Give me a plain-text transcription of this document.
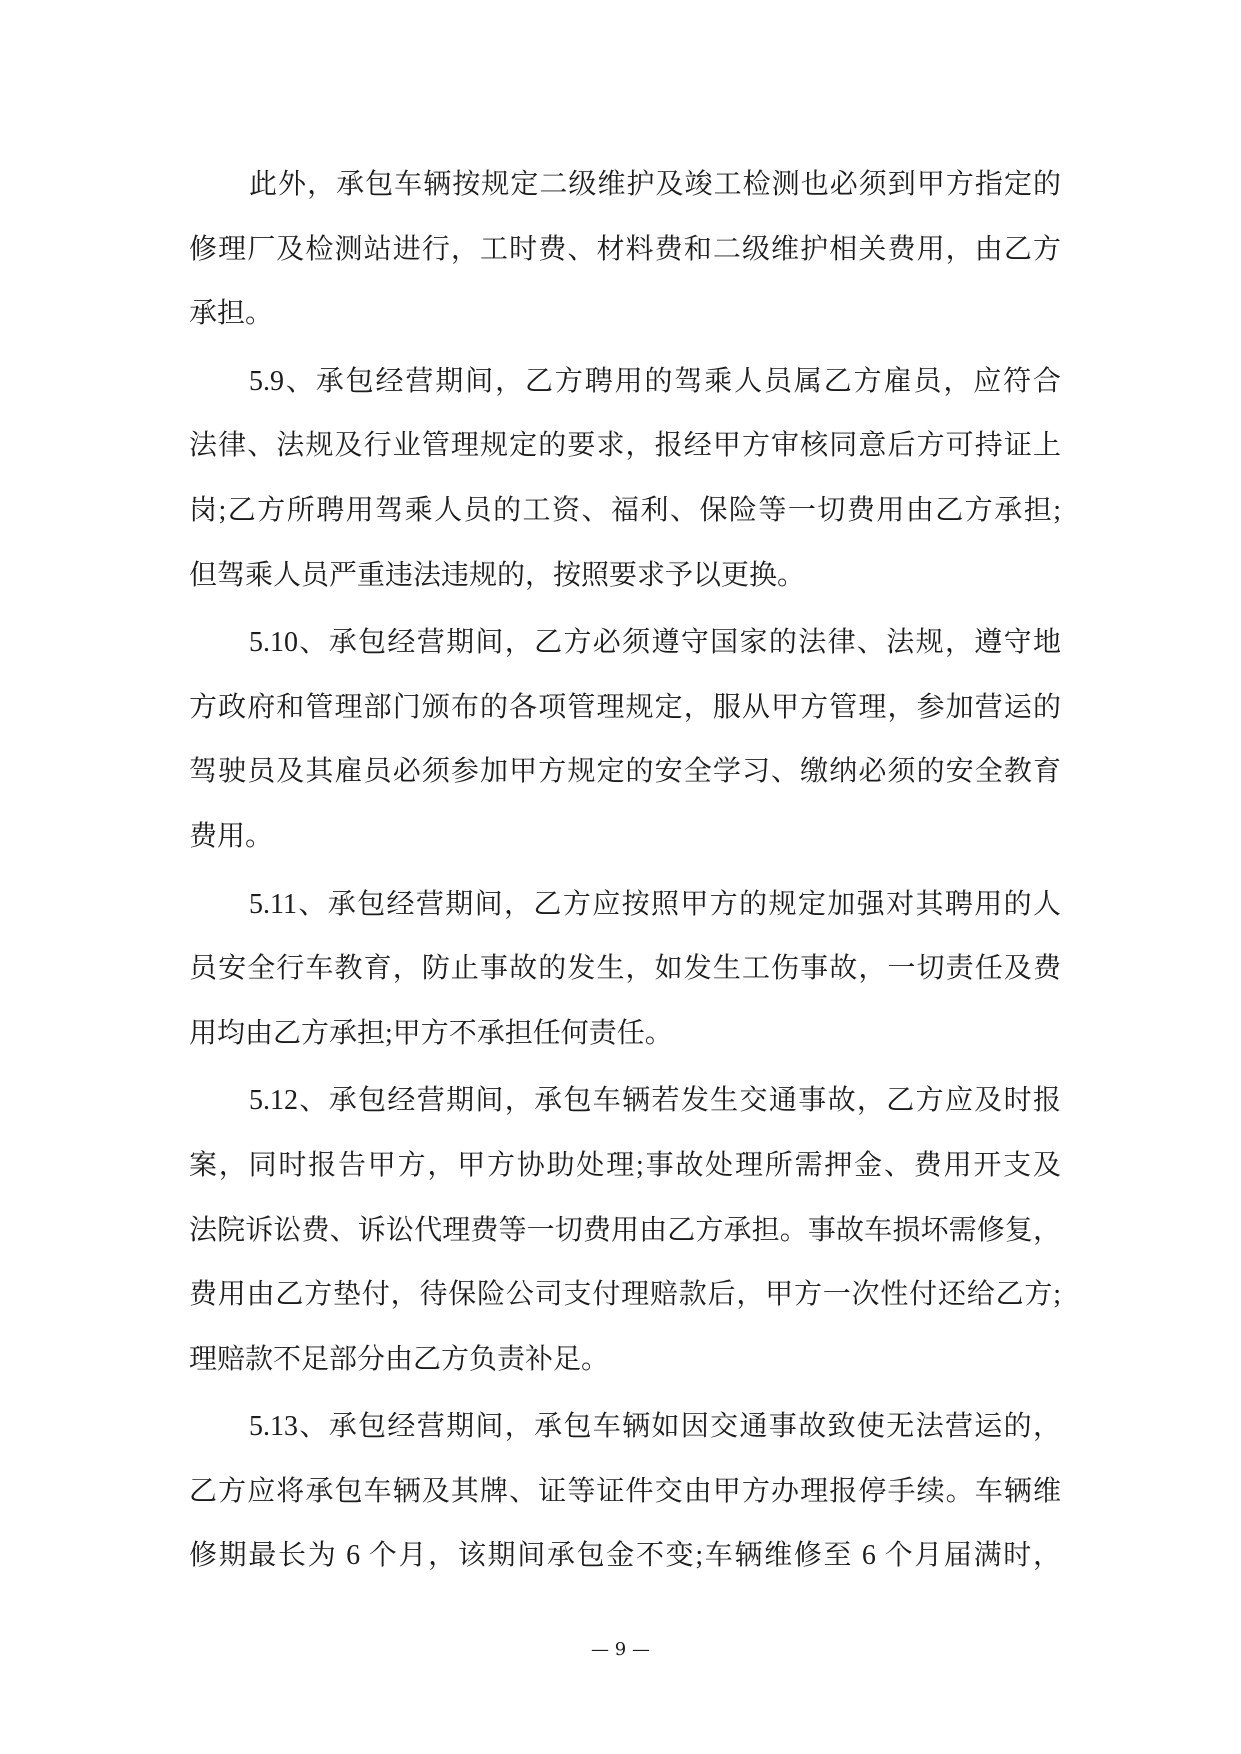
此外，承包车辆按规定二级维护及竣工检测也必须到甲方指定的
修理厂及检测站进行，工时费、材料费和二级维护相关费用，由乙方
承担。
5.9、承包经营期间，乙方聘用的驾乘人员属乙方雇员，应符合
法律、法规及行业管理规定的要求，报经甲方审核同意后方可持证上
岗;乙方所聘用驾乘人员的工资、福利、保险等一切费用由乙方承担;
但驾乘人员严重违法违规的，按照要求予以更换。
5.10、承包经营期间，乙方必须遵守国家的法律、法规，遵守地
方政府和管理部门颁布的各项管理规定，服从甲方管理，参加营运的
驾驶员及其雇员必须参加甲方规定的安全学习、缴纳必须的安全教育
费用。
5.11、承包经营期间，乙方应按照甲方的规定加强对其聘用的人
员安全行车教育，防止事故的发生，如发生工伤事故，一切责任及费
用均由乙方承担;甲方不承担任何责任。
5.12、承包经营期间，承包车辆若发生交通事故，乙方应及时报
案，同时报告甲方，甲方协助处理;事故处理所需押金、费用开支及
法院诉讼费、诉讼代理费等一切费用由乙方承担。事故车损坏需修复，
费用由乙方垫付，待保险公司支付理赔款后，甲方一次性付还给乙方;
理赔款不足部分由乙方负责补足。
5.13、承包经营期间，承包车辆如因交通事故致使无法营运的，
乙方应将承包车辆及其牌、证等证件交由甲方办理报停手续。车辆维
修期最长为 6 个月，该期间承包金不变;车辆维修至 6 个月届满时，
— 9 —
